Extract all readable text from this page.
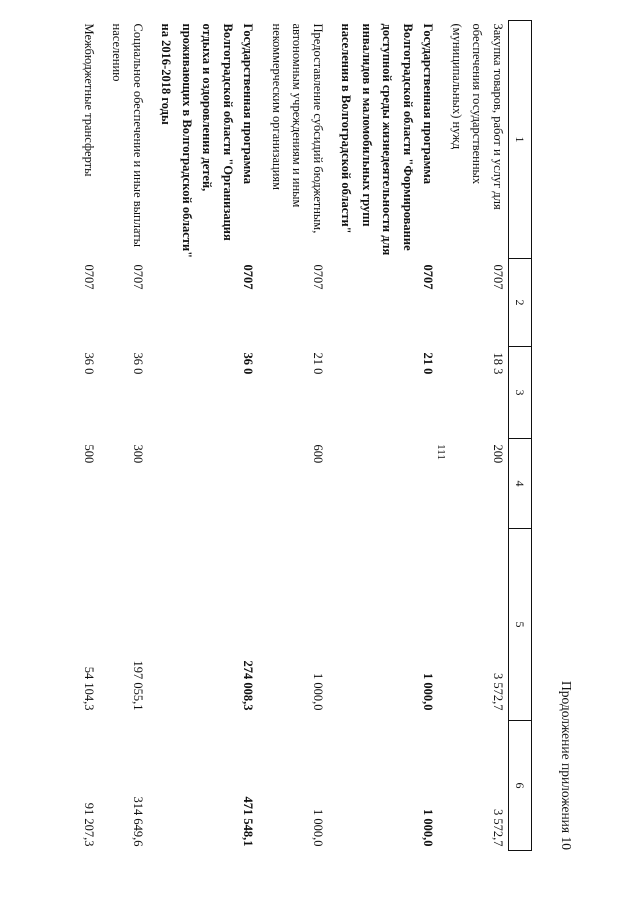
111
Продолжение приложения 10
1	2	3	4	5	6
Закупка товаров, работ и услуг для обеспечения государственных (муниципальных) нужд	0707	18 3	200	3 572,7	3 572,7
Государственная программа Волгоградской области "Формирование доступной среды жизнедеятельности для инвалидов и маломобильных групп населения в Волгоградской области"	0707	21 0		1 000,0	1 000,0
Предоставление субсидий бюджетным, автономным учреждениям и иным некоммерческим организациям	0707	21 0	600	1 000,0	1 000,0
Государственная программа Волгоградской области "Организация отдыха и оздоровления детей, проживающих в Волгоградской области" на 2016-2018 годы	0707	36 0		274 008,3	471 548,1
Социальное обеспечение и иные выплаты населению	0707	36 0	300	197 055,1	314 649,6
Межбюджетные трансферты	0707	36 0	500	54 104,3	91 207,3
